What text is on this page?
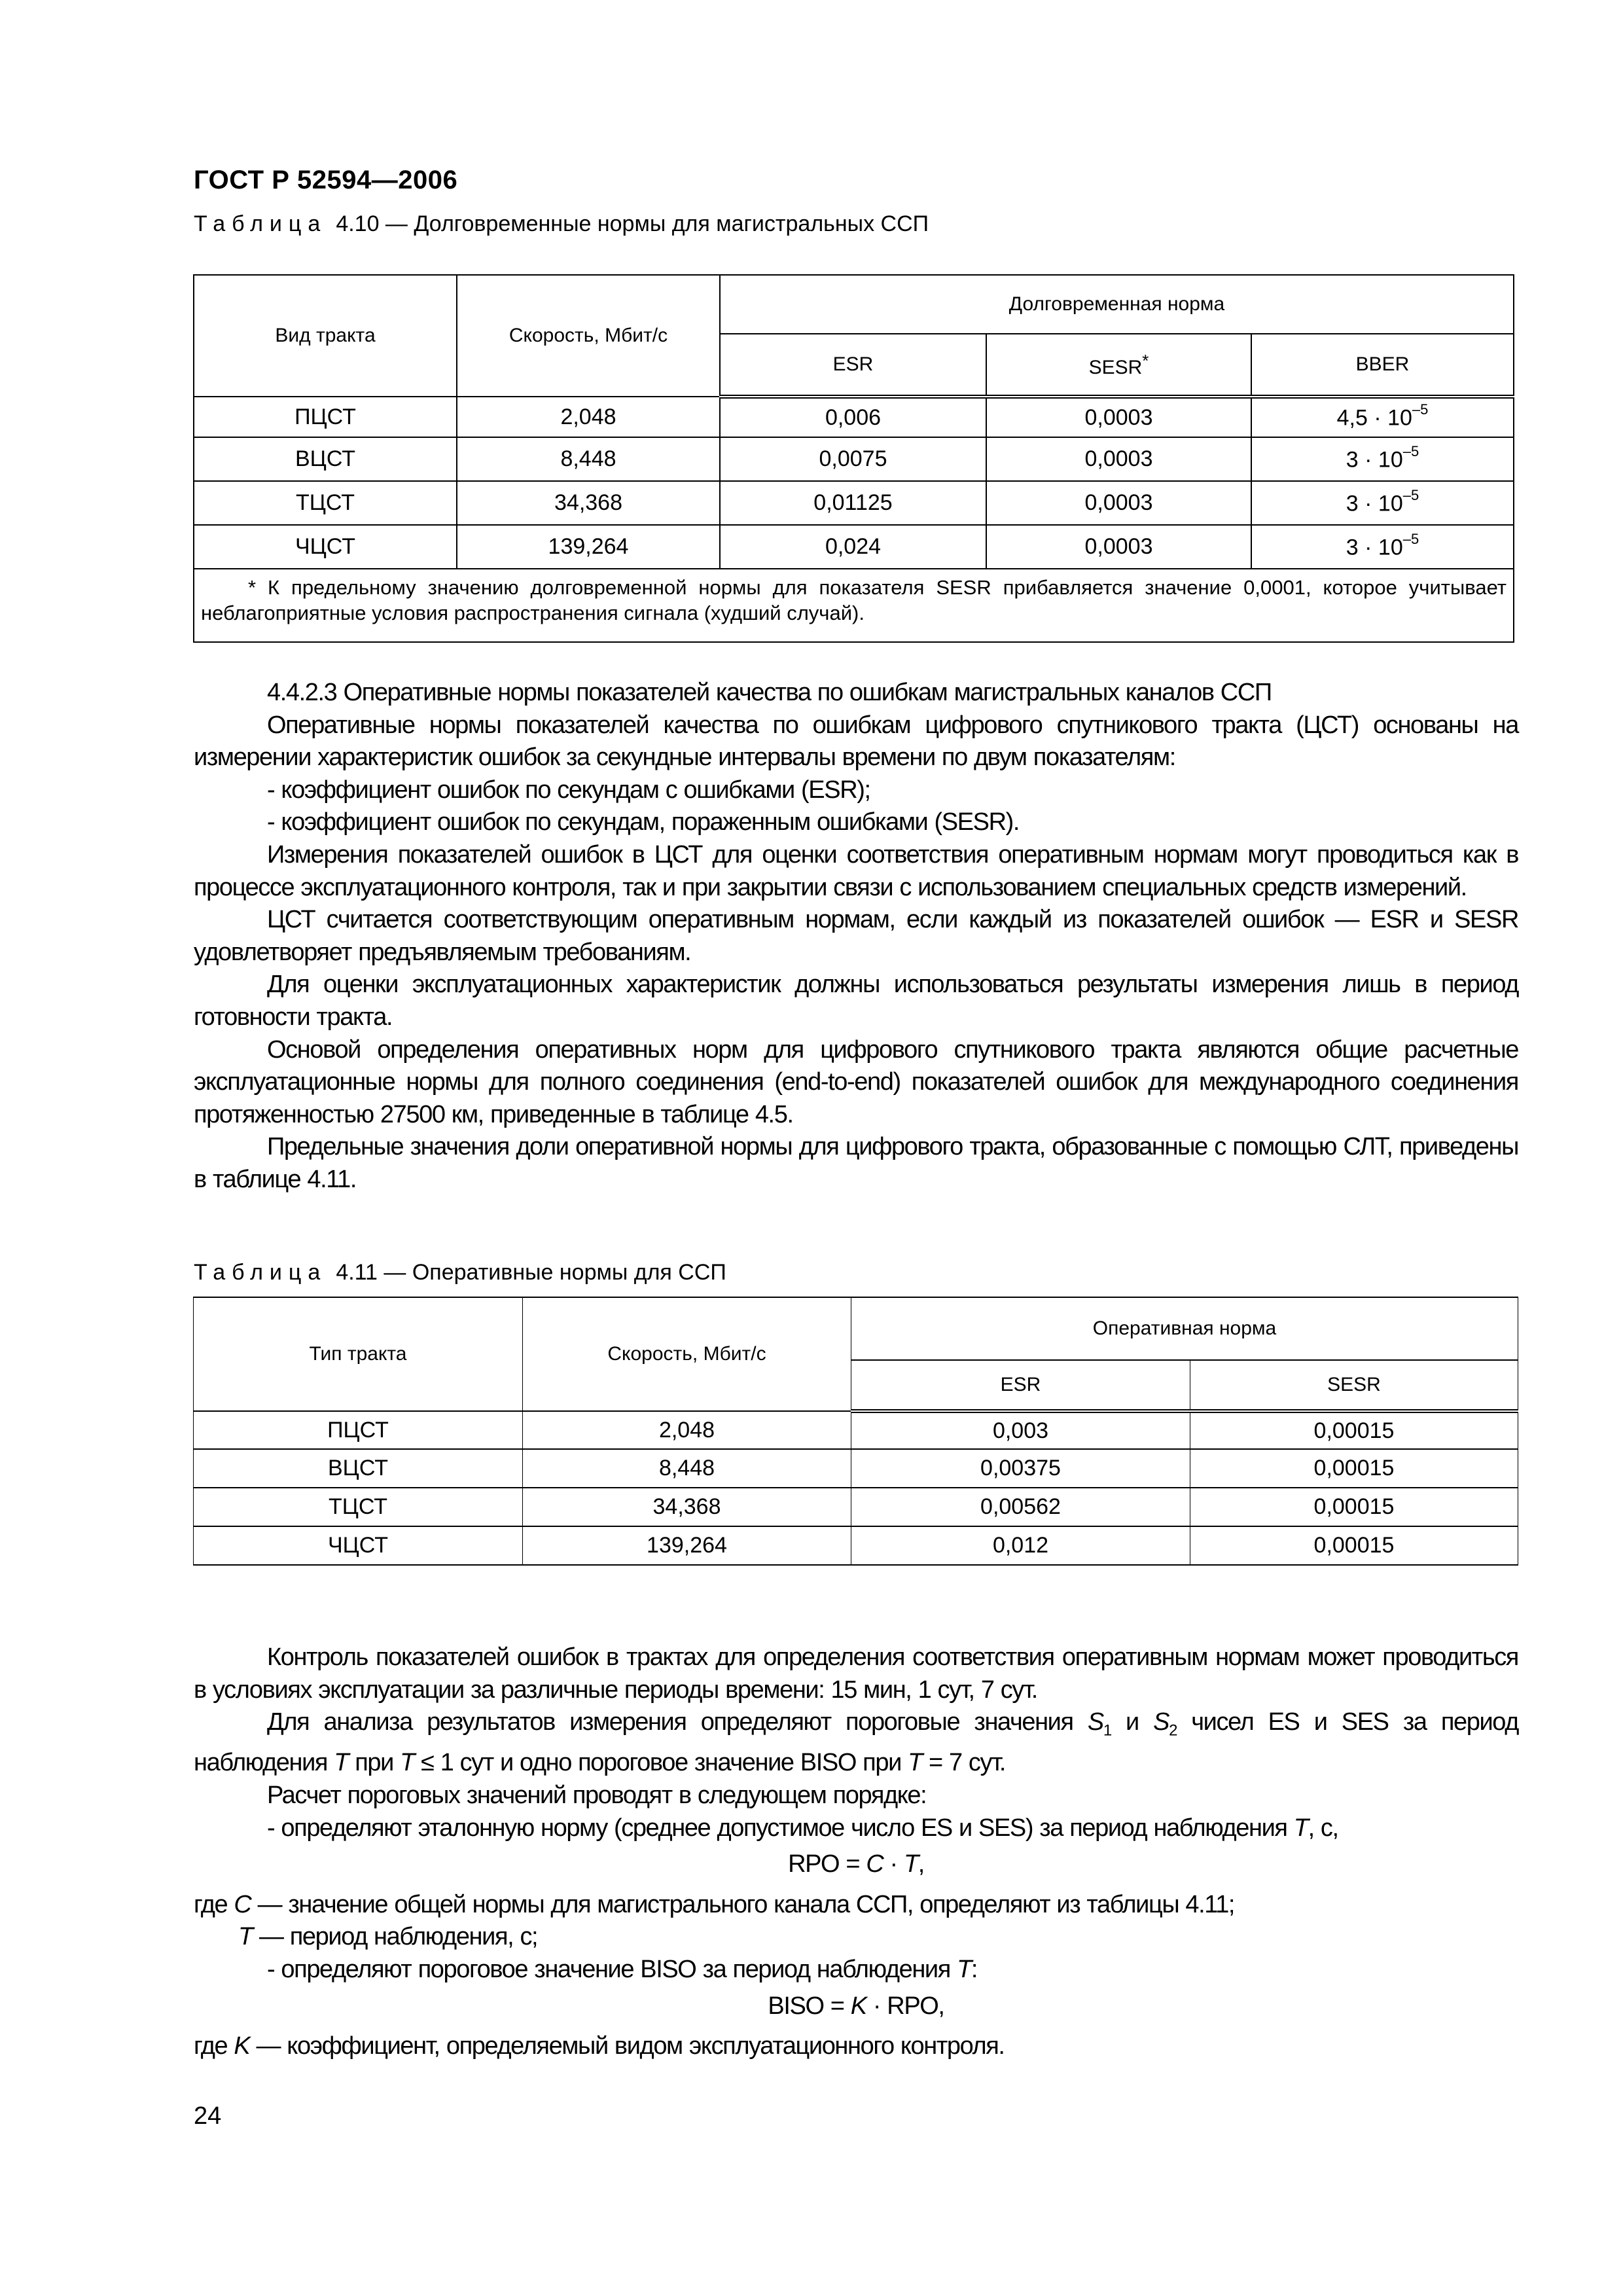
ГОСТ Р 52594—2006
Таблица 4.10 — Долговременные нормы для магистральных ССП
Вид тракта	Скорость, Мбит/с	Долговременная норма		
		ESR	SESR*	BBER
ПЦСТ	2,048	0,006	0,0003	$4,5 \cdot 10^{-5}$
ВЦСТ	8,448	0,0075	0,0003	$3 \cdot 10^{-5}$
ТЦСТ	34,368	0,01125	0,0003	$3 \cdot 10^{-5}$
ЧЦСТ	139,264	0,024	0,0003	$3 \cdot 10^{-5}$
* К предельному значению долговременной нормы для показателя SESR прибавляется значение 0,0001, которое учитывает неблагоприятные условия распространения сигнала (худший случай).				

4.4.2.3 Оперативные нормы показателей качества по ошибкам магистральных каналов ССП

Оперативные нормы показателей качества по ошибкам цифрового спутникового тракта (ЦСТ) основаны на измерении характеристик ошибок за секундные интервалы времени по двум показателям:

- коэффициент ошибок по секундам с ошибками (ESR);

- коэффициент ошибок по секундам, пораженным ошибками (SESR).

Измерения показателей ошибок в ЦСТ для оценки соответствия оперативным нормам могут проводиться как в процессе эксплуатационного контроля, так и при закрытии связи с использованием специальных средств измерений.

ЦСТ считается соответствующим оперативным нормам, если каждый из показателей ошибок — ESR и SESR удовлетворяет предъявляемым требованиям.

Для оценки эксплуатационных характеристик должны использоваться результаты измерения лишь в период готовности тракта.

Основой определения оперативных норм для цифрового спутникового тракта являются общие расчетные эксплуатационные нормы для полного соединения (end-to-end) показателей ошибок для международного соединения протяженностью 27500 км, приведенные в таблице 4.5.

Предельные значения доли оперативной нормы для цифрового тракта, образованные с помощью СЛТ, приведены в таблице 4.11.

Таблица 4.11 — Оперативные нормы для ССП
Тип тракта	Скорость, Мбит/с	Оперативная норма	
		ESR	SESR
ПЦСТ	2,048	0,003	0,00015
ВЦСТ	8,448	0,00375	0,00015
ТЦСТ	34,368	0,00562	0,00015
ЧЦСТ	139,264	0,012	0,00015

Контроль показателей ошибок в трактах для определения соответствия оперативным нормам может проводиться в условиях эксплуатации за различные периоды времени: 15 мин, 1 сут, 7 сут.

Для анализа результатов измерения определяют пороговые значения $S_1$ и $S_2$ чисел ES и SES за период наблюдения T при T ≤ 1 сут и одно пороговое значение BISO при T = 7 сут.

Расчет пороговых значений проводят в следующем порядке:

- определяют эталонную норму (среднее допустимое число ES и SES) за период наблюдения T, с,

RPO = C · T,

где C — значение общей нормы для магистрального канала ССП, определяют из таблицы 4.11;

T — период наблюдения, с;

- определяют пороговое значение BISO за период наблюдения T:

BISO = K · RPO,

где K — коэффициент, определяемый видом эксплуатационного контроля.

24
